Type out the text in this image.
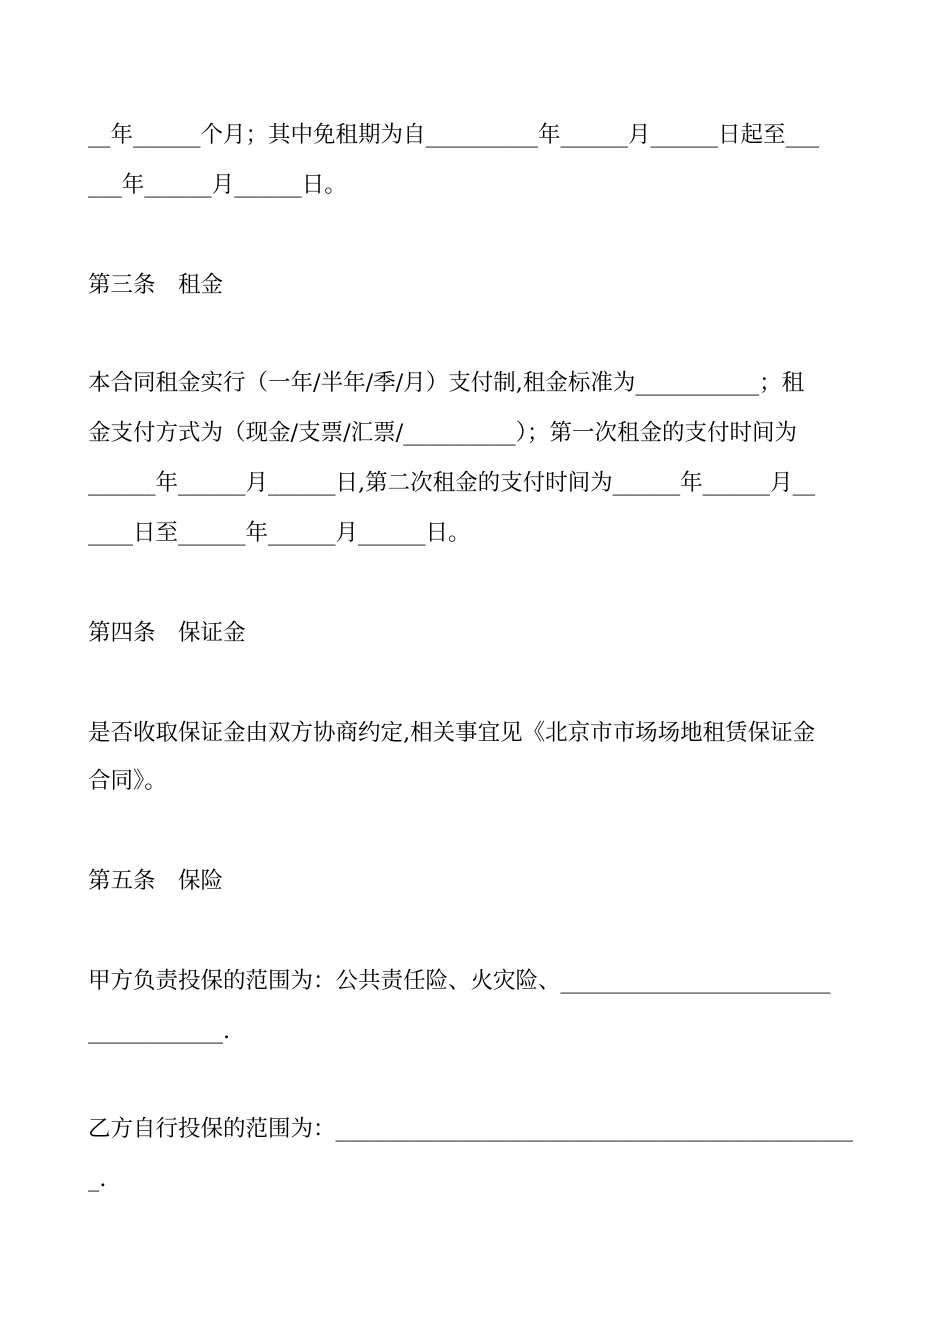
__年______个月；其中免租期为自__________年______月______日起至___
___年______月______日。
第三条　租金
本合同租金实行（一年/半年/季/月）支付制,租金标准为___________；租
金支付方式为（现金/支票/汇票/__________）；第一次租金的支付时间为
______年______月______日,第二次租金的支付时间为______年______月__
____日至______年______月______日。
第四条　保证金
是否收取保证金由双方协商约定,相关事宜见《北京市市场场地租赁保证金
合同》。
第五条　保险
甲方负责投保的范围为：公共责任险、火灾险、________________________
____________.
乙方自行投保的范围为：______________________________________________
_.
